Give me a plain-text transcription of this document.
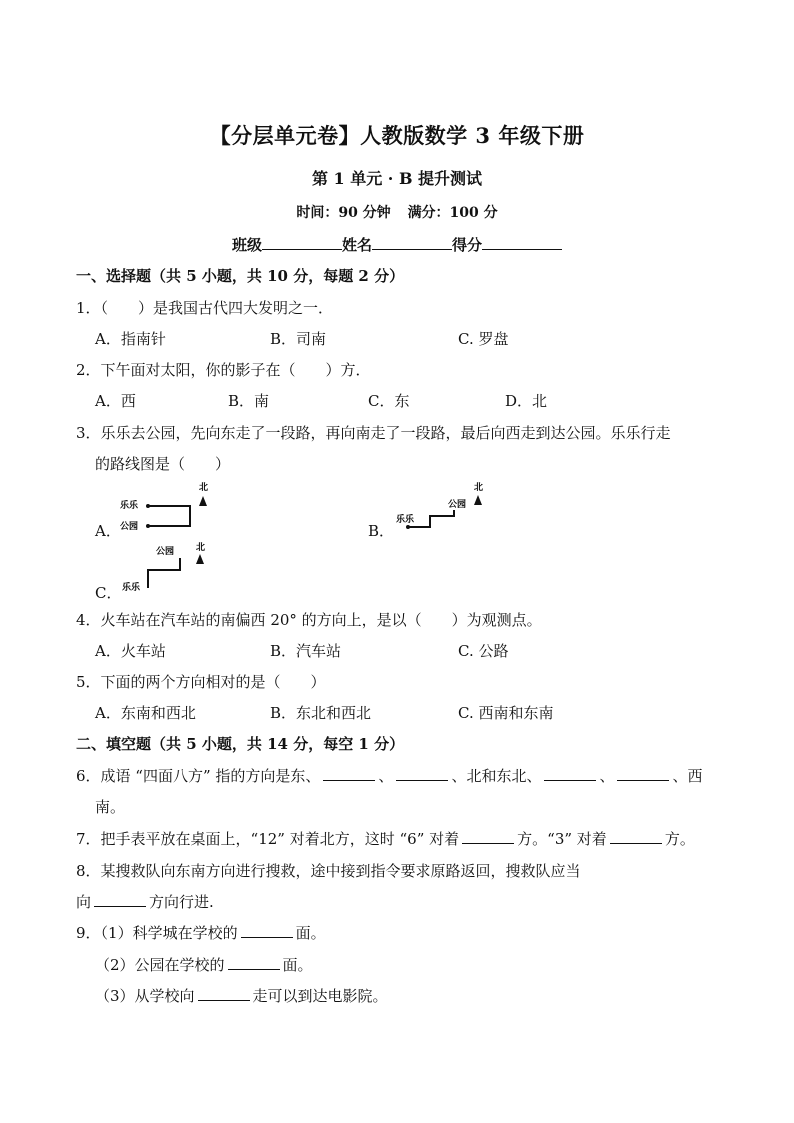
【分层单元卷】人教版数学 3 年级下册
第 1 单元 · B 提升测试
时间：90 分钟 满分：100 分
班级	姓名	得分
一、选择题（共 5 小题，共 10 分，每题 2 分）
1．（　　）是我国古代四大发明之一．
A．指南针	B．司南	C. 罗盘
2．下午面对太阳，你的影子在（　　）方．
A．西	B．南	C．东	D．北
3．乐乐去公园，先向东走了一段路，再向南走了一段路，最后向西走到达公园。乐乐行走
的路线图是（　　）
A．
乐乐
公园
北
B．
乐乐
公园
北
C．
公园
乐乐
北
4．火车站在汽车站的南偏西 20° 的方向上，是以（　　）为观测点。
A．火车站	B．汽车站	C. 公路
5．下面的两个方向相对的是（　　）
A．东南和西北	B．东北和西北	C. 西南和东南
二、填空题（共 5 小题，共 14 分，每空 1 分）
6．成语 “四面八方” 指的方向是东、	、	、北和东北、	、	、西
南。
7．把手表平放在桌面上，“12” 对着北方，这时 “6” 对着	方。“3” 对着	方。
8．某搜救队向东南方向进行搜救，途中接到指令要求原路返回，搜救队应当
向	方向行进.
9．（1）科学城在学校的	面。
（2）公园在学校的	面。
（3）从学校向	走可以到达电影院。
